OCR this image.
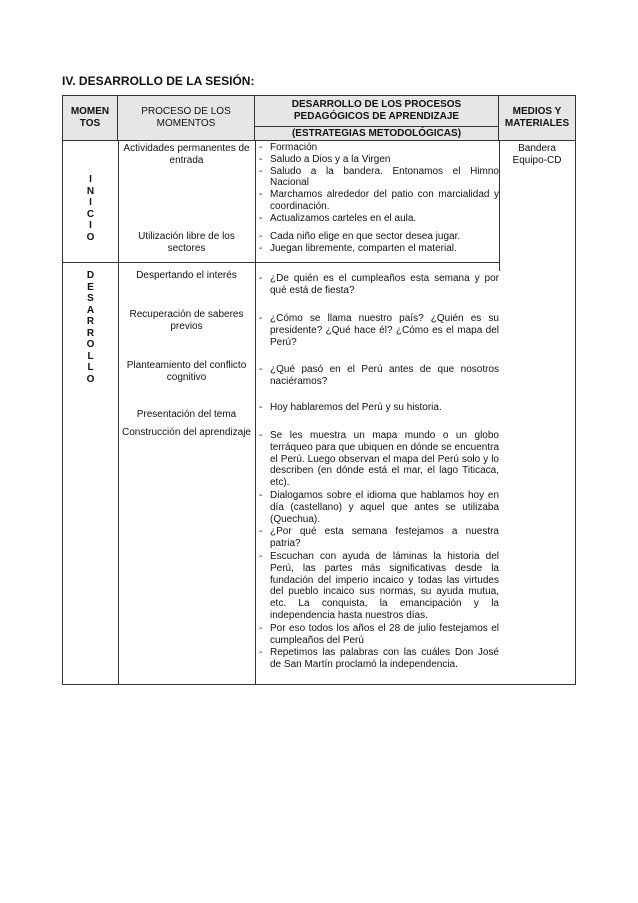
IV. DESARROLLO DE LA SESIÓN:
MOMEN TOS
PROCESO DE LOS MOMENTOS
DESARROLLO DE LOS PROCESOS PEDAGÓGICOS DE APRENDIZAJE
(ESTRATEGIAS METODOLÓGICAS)
MEDIOS Y MATERIALES
I
N
I
C
I
O
Actividades permanentes de entrada
Utilización libre de los sectores

- Formación

- Saludo a Dios y a la Virgen

- Saludo a la bandera. Entonamos el Himno Nacional

- Marchamos alrededor del patio con marcialidad y coordinación.

- Actualizamos carteles en el aula.

- Cada niño elige en que sector desea jugar.

- Juegan libremente, comparten el material.

Bandera
Equipo-CD
D
E
S
A
R
R
O
L
L
O
Despertando el interés
Recuperación de saberes previos
Planteamiento del conflicto cognitivo
Presentación del tema
Construcción del aprendizaje

- ¿De quién es el cumpleaños esta semana y por qué está de fiesta?

- ¿Cómo se llama nuestro país? ¿Quién es su presidente? ¿Qué hace él? ¿Cómo es el mapa del Perú?

- ¿Qué pasó en el Perú antes de que nosotros naciéramos?

- Hoy hablaremos del Perú y su historia.

- Se les muestra un mapa mundo o un globo terráqueo para que ubiquen en dónde se encuentra el Perú. Luego observan el mapa del Perú solo y lo describen (en dónde está el mar, el lago Titicaca, etc).

- Dialogamos sobre el idioma que hablamos hoy en día (castellano) y aquel que antes se utilizaba (Quechua).

- ¿Por qué esta semana festejamos a nuestra patria?

- Escuchan con ayuda de láminas la historia del Perú, las partes más significativas desde la fundación del imperio incaico y todas las virtudes del pueblo incaico sus normas, su ayuda mutua, etc. La conquista, la emancipación y la independencia hasta nuestros días.

- Por eso todos los años el 28 de julio festejamos el cumpleaños del Perú

- Repetimos las palabras con las cuáles Don José de San Martín proclamó la independencia.
